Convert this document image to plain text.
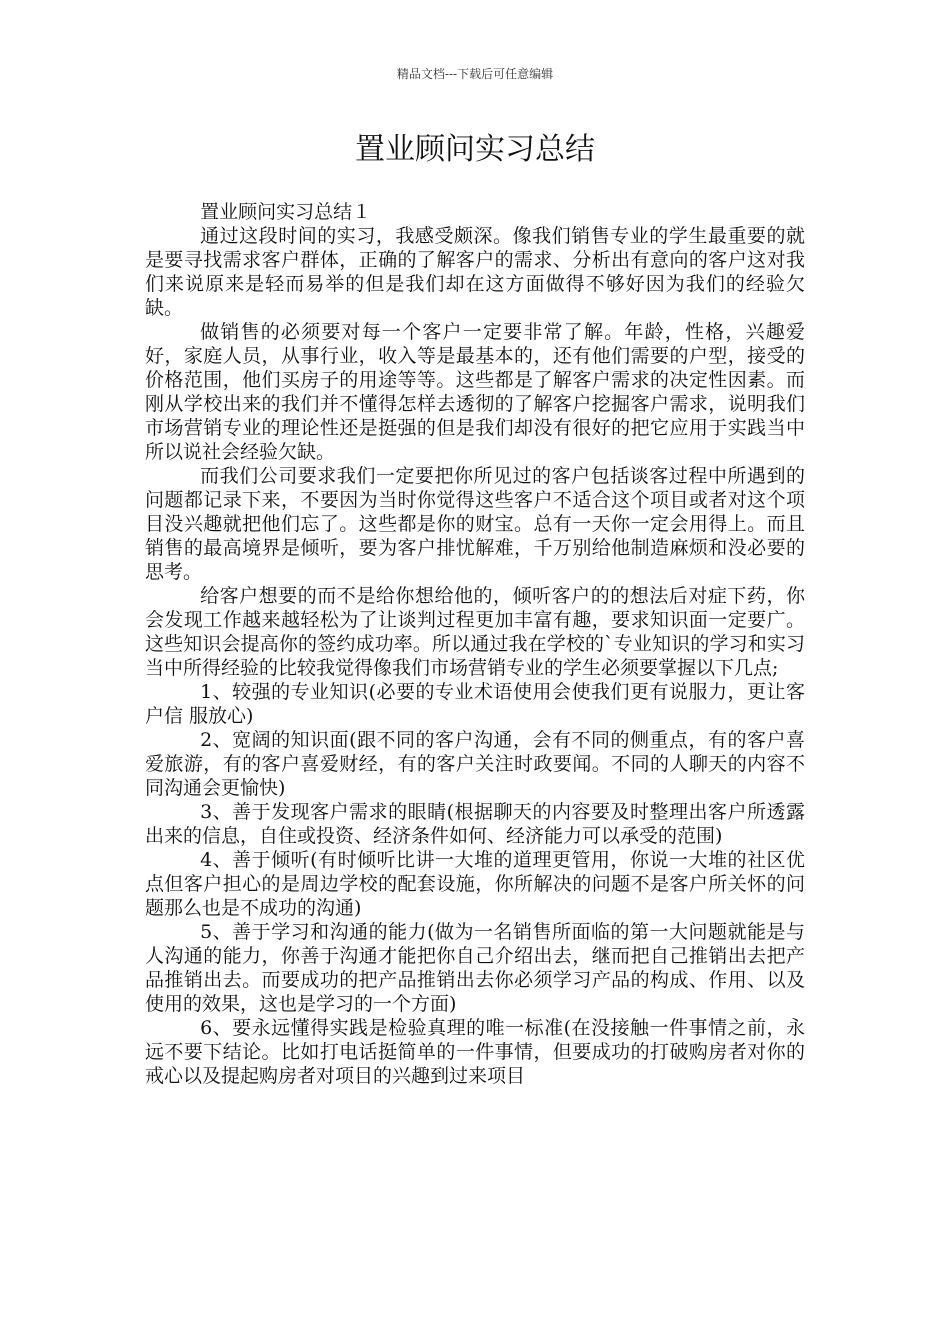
精品文档---下载后可任意编辑
置业顾问实习总结

置业顾问实习总结１

通过这段时间的实习，我感受颇深。像我们销售专业的学生最重要的就是要寻找需求客户群体，正确的了解客户的需求、分析出有意向的客户这对我们来说原来是轻而易举的但是我们却在这方面做得不够好因为我们的经验欠缺。

做销售的必须要对每一个客户一定要非常了解。年龄，性格，兴趣爱好，家庭人员，从事行业，收入等是最基本的，还有他们需要的户型，接受的价格范围，他们买房子的用途等等。这些都是了解客户需求的决定性因素。而刚从学校出来的我们并不懂得怎样去透彻的了解客户挖掘客户需求，说明我们市场营销专业的理论性还是挺强的但是我们却没有很好的把它应用于实践当中所以说社会经验欠缺。

而我们公司要求我们一定要把你所见过的客户包括谈客过程中所遇到的问题都记录下来，不要因为当时你觉得这些客户不适合这个项目或者对这个项目没兴趣就把他们忘了。这些都是你的财宝。总有一天你一定会用得上。而且销售的最高境界是倾听，要为客户排忧解难，千万别给他制造麻烦和没必要的思考。

给客户想要的而不是给你想给他的，倾听客户的的想法后对症下药，你会发现工作越来越轻松为了让谈判过程更加丰富有趣，要求知识面一定要广。这些知识会提高你的签约成功率。所以通过我在学校的`专业知识的学习和实习当中所得经验的比较我觉得像我们市场营销专业的学生必须要掌握以下几点;

1、较强的专业知识(必要的专业术语使用会使我们更有说服力，更让客户信 服放心)

2、宽阔的知识面(跟不同的客户沟通，会有不同的侧重点，有的客户喜爱旅游，有的客户喜爱财经，有的客户关注时政要闻。不同的人聊天的内容不同沟通会更愉快)

3、善于发现客户需求的眼睛(根据聊天的内容要及时整理出客户所透露出来的信息，自住或投资、经济条件如何、经济能力可以承受的范围)

4、善于倾听(有时倾听比讲一大堆的道理更管用，你说一大堆的社区优点但客户担心的是周边学校的配套设施，你所解决的问题不是客户所关怀的问题那么也是不成功的沟通)

5、善于学习和沟通的能力(做为一名销售所面临的第一大问题就能是与人沟通的能力，你善于沟通才能把你自己介绍出去，继而把自己推销出去把产品推销出去。而要成功的把产品推销出去你必须学习产品的构成、作用、以及使用的效果，这也是学习的一个方面)

6、要永远懂得实践是检验真理的唯一标准(在没接触一件事情之前，永远不要下结论。比如打电话挺简单的一件事情，但要成功的打破购房者对你的戒心以及提起购房者对项目的兴趣到过来项目
